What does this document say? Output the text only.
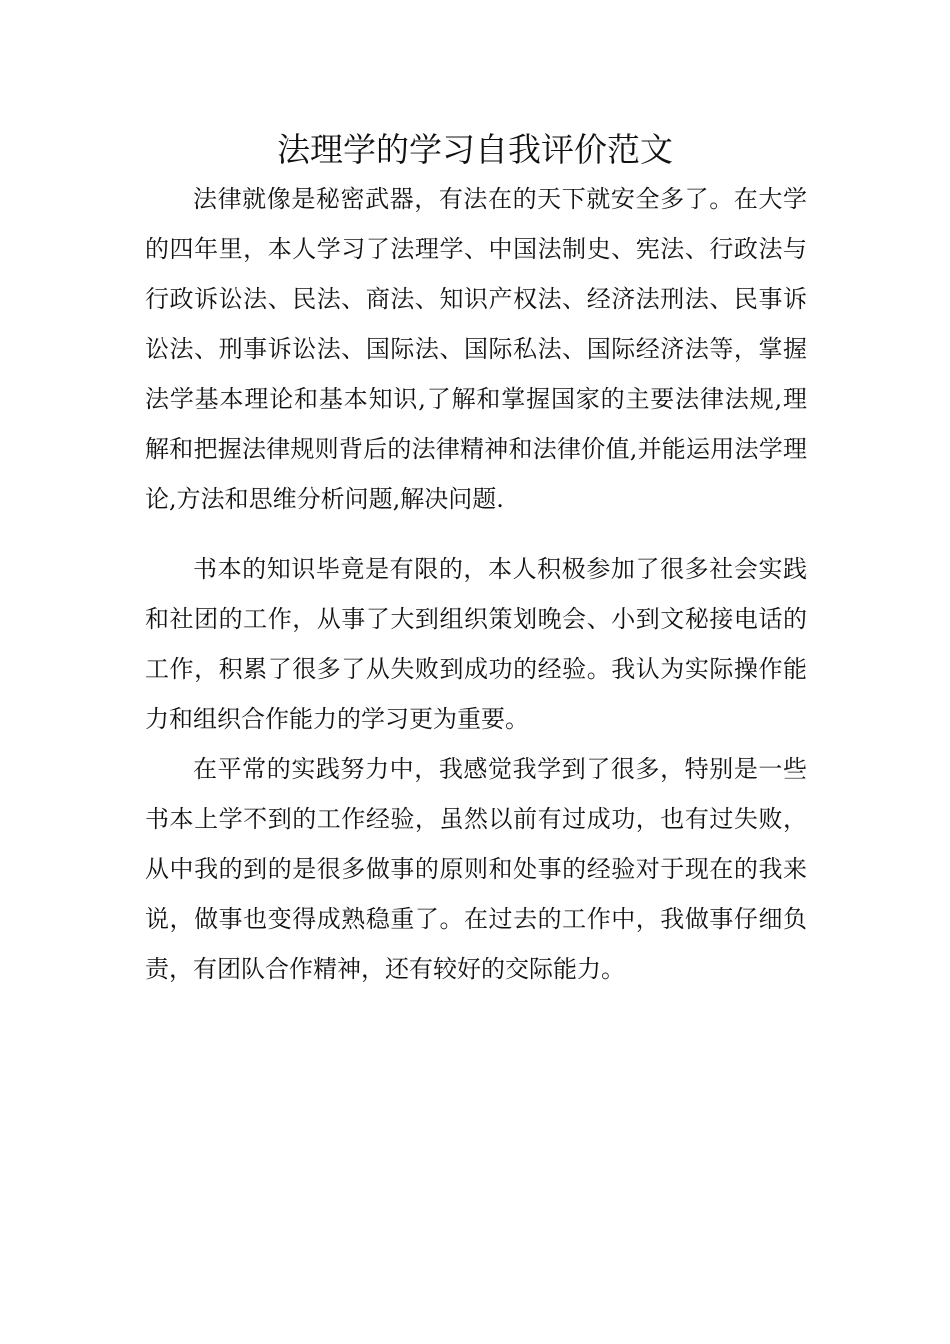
法理学的学习自我评价范文

法律就像是秘密武器，有法在的天下就安全多了。在大学的四年里，本人学习了法理学、中国法制史、宪法、行政法与行政诉讼法、民法、商法、知识产权法、经济法刑法、民事诉讼法、刑事诉讼法、国际法、国际私法、国际经济法等，掌握法学基本理论和基本知识,了解和掌握国家的主要法律法规,理解和把握法律规则背后的法律精神和法律价值,并能运用法学理论,方法和思维分析问题,解决问题.

书本的知识毕竟是有限的，本人积极参加了很多社会实践和社团的工作，从事了大到组织策划晚会、小到文秘接电话的工作，积累了很多了从失败到成功的经验。我认为实际操作能力和组织合作能力的学习更为重要。

在平常的实践努力中，我感觉我学到了很多，特别是一些书本上学不到的工作经验，虽然以前有过成功，也有过失败，从中我的到的是很多做事的原则和处事的经验对于现在的我来说，做事也变得成熟稳重了。在过去的工作中，我做事仔细负责，有团队合作精神，还有较好的交际能力。
